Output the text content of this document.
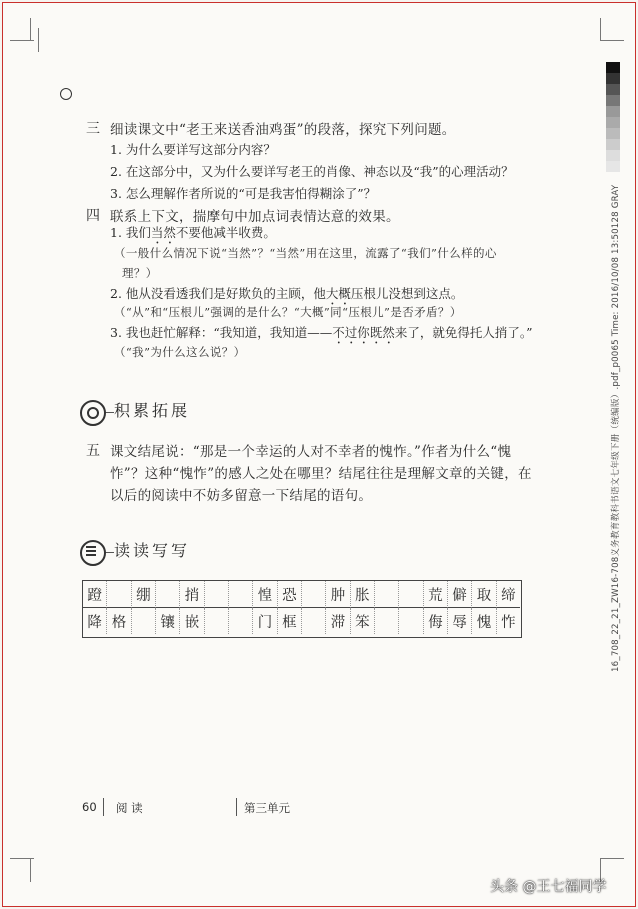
16_708_22_21_ZW16-708义务教育教科书语文七年级下册（统编版）.pdf_p0065 Time: 2016/10/08 13:50128 GRAY
三 细读课文中“老王来送香油鸡蛋”的段落，探究下列问题。
1. 为什么要详写这部分内容？
2. 在这部分中，又为什么要详写老王的肖像、神态以及“我”的心理活动？
3. 怎么理解作者所说的“可是我害怕得糊涂了”？
四 联系上下文，揣摩句中加点词表情达意的效果。
1. 我们当然不要他减半收费。
（一般什么情况下说“当然”？“当然”用在这里，流露了“我们”什么样的心
理？）
2. 他从没看透我们是好欺负的主顾，他大概压根儿没想到这点。
（“从”和“压根儿”强调的是什么？“大概”同“压根儿”是否矛盾？）
3. 我也赶忙解释：“我知道，我知道——不过你既然来了，就免得托人捎了。”
（“我”为什么这么说？）
积累拓展
五 课文结尾说：“那是一个幸运的人对不幸者的愧怍。”作者为什么“愧
怍”？这种“愧怍”的感人之处在哪里？结尾往往是理解文章的关键，在
以后的阅读中不妨多留意一下结尾的语句。
读读写写
蹬	绷	捎	惶 恐	肿 胀	荒 僻 取 缔
降 格	镶 嵌	门 框	滞 笨	侮 辱 愧 怍
60 阅 读	第三单元
头条 @王七福同学
